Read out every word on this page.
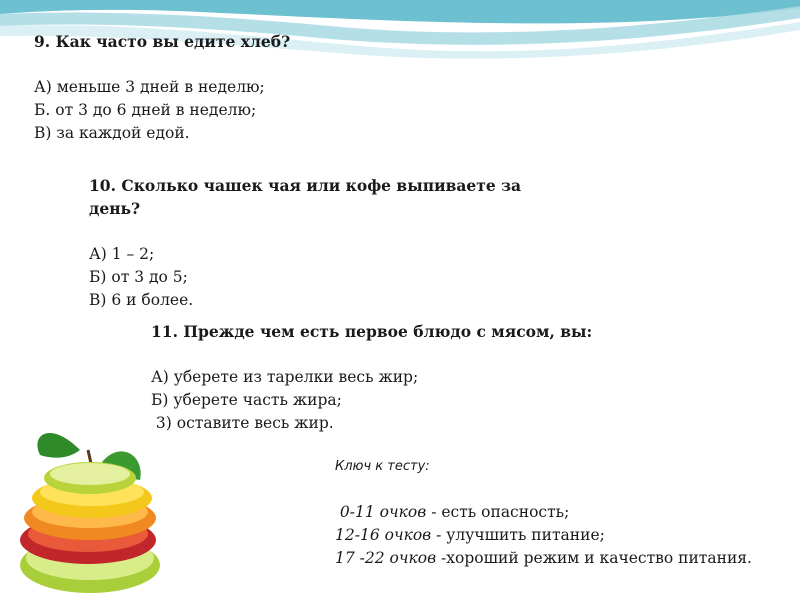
9. Как часто вы едите хлеб?
А) меньше 3 дней в неделю;
Б. от 3 до 6 дней в неделю;
В) за каждой едой.
10. Сколько чашек чая или кофе выпиваете за
день?
А) 1 – 2;
Б) от 3 до 5;
В) 6 и более.
11. Прежде чем есть первое блюдо с мясом, вы:
А) уберете из тарелки весь жир;
Б) уберете часть жира;
3) оставите весь жир.
Ключ к тесту:
0-11 очков - есть опасность;
12-16 очков - улучшить питание;
17 -22 очков -хороший режим и качество питания.
